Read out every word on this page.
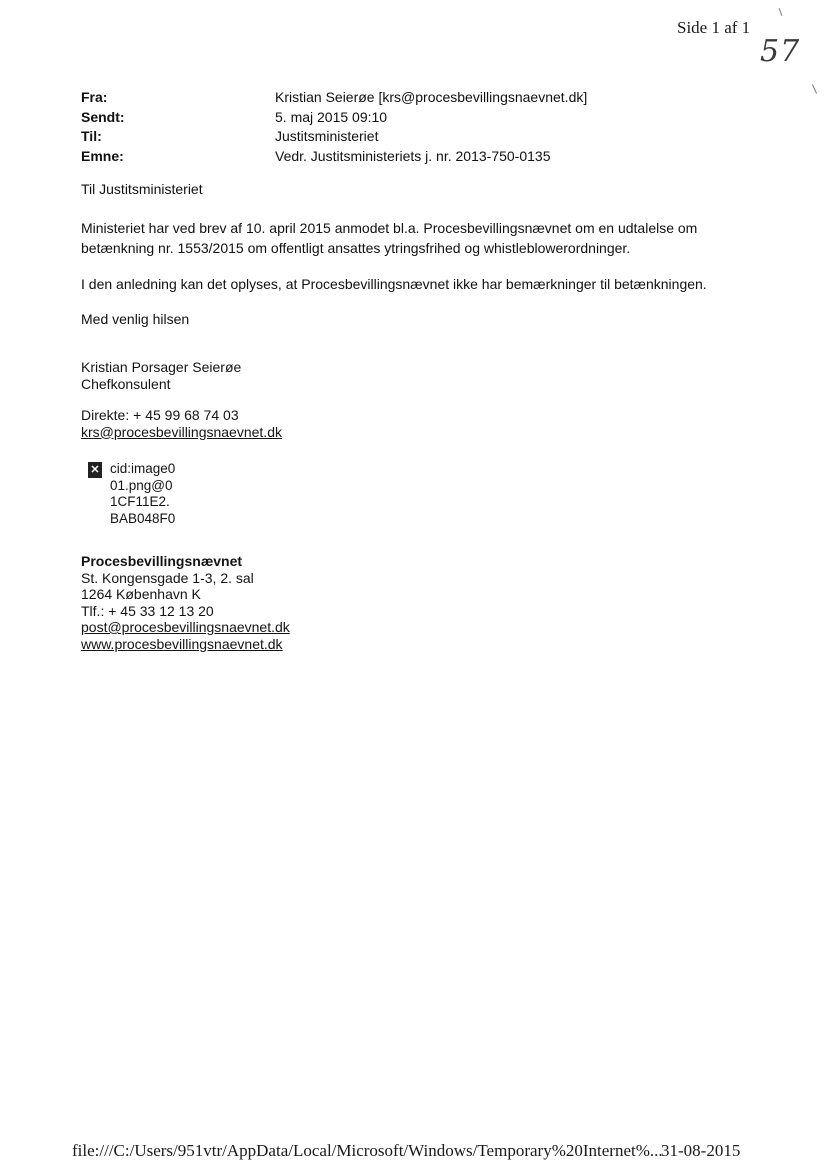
Side 1 af 1
57
Fra:	Kristian Seierøe [krs@procesbevillingsnaevnet.dk]
Sendt:	5. maj 2015 09:10
Til:	Justitsministeriet
Emne:	Vedr. Justitsministeriets j. nr. 2013-750-0135
Til Justitsministeriet
Ministeriet har ved brev af 10. april 2015 anmodet bl.a. Procesbevillingsnævnet om en udtalelse om
betænkning nr. 1553/2015 om offentligt ansattes ytringsfrihed og whistleblowerordninger.
I den anledning kan det oplyses, at Procesbevillingsnævnet ikke har bemærkninger til betænkningen.
Med venlig hilsen
Kristian Porsager Seierøe
Chefkonsulent
Direkte: + 45 99 68 74 03
krs@procesbevillingsnaevnet.dk
✕ cid:image0
01.png@0
1CF11E2.
BAB048F0
Procesbevillingsnævnet
St. Kongensgade 1-3, 2. sal
1264 København K
Tlf.: + 45 33 12 13 20
post@procesbevillingsnaevnet.dk
www.procesbevillingsnaevnet.dk
file:///C:/Users/951vtr/AppData/Local/Microsoft/Windows/Temporary%20Internet%...
31-08-2015
